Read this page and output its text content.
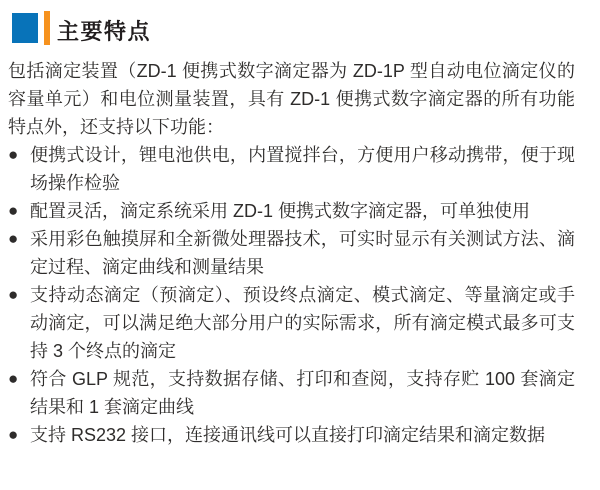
主要特点

包括滴定装置（ZD-1 便携式数字滴定器为 ZD-1P 型自动电位滴定仪的容量单元）和电位测量装置，具有 ZD-1 便携式数字滴定器的所有功能特点外，还支持以下功能：

● 便携式设计，锂电池供电，内置搅拌台，方便用户移动携带，便于现场操作检验
● 配置灵活，滴定系统采用 ZD-1 便携式数字滴定器，可单独使用
● 采用彩色触摸屏和全新微处理器技术，可实时显示有关测试方法、滴定过程、滴定曲线和测量结果
● 支持动态滴定（预滴定）、预设终点滴定、模式滴定、等量滴定或手动滴定，可以满足绝大部分用户的实际需求，所有滴定模式最多可支持 3 个终点的滴定
● 符合 GLP 规范，支持数据存储、打印和查阅，支持存贮 100 套滴定结果和 1 套滴定曲线
● 支持 RS232 接口，连接通讯线可以直接打印滴定结果和滴定数据
